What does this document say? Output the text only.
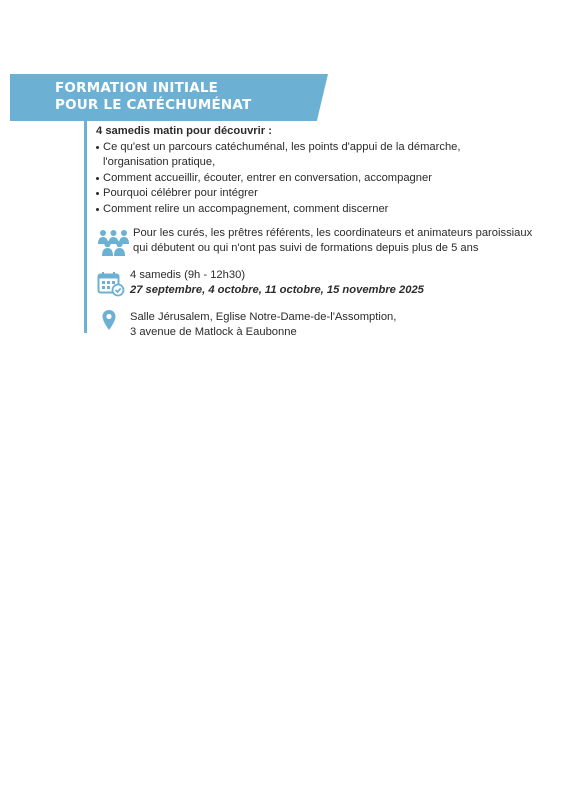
FORMATION INITIALE
POUR LE CATÉCHUMÉNAT
4 samedis matin pour découvrir :
Ce qu'est un parcours catéchuménal, les points d'appui de la démarche,
l'organisation pratique,
Comment accueillir, écouter, entrer en conversation, accompagner
Pourquoi célébrer pour intégrer
Comment relire un accompagnement, comment discerner
Pour les curés, les prêtres référents, les coordinateurs et animateurs paroissiaux
qui débutent ou qui n'ont pas suivi de formations depuis plus de 5 ans
4 samedis (9h - 12h30)
27 septembre, 4 octobre, 11 octobre, 15 novembre 2025
Salle Jérusalem, Eglise Notre-Dame-de-l'Assomption,
3 avenue de Matlock à Eaubonne
